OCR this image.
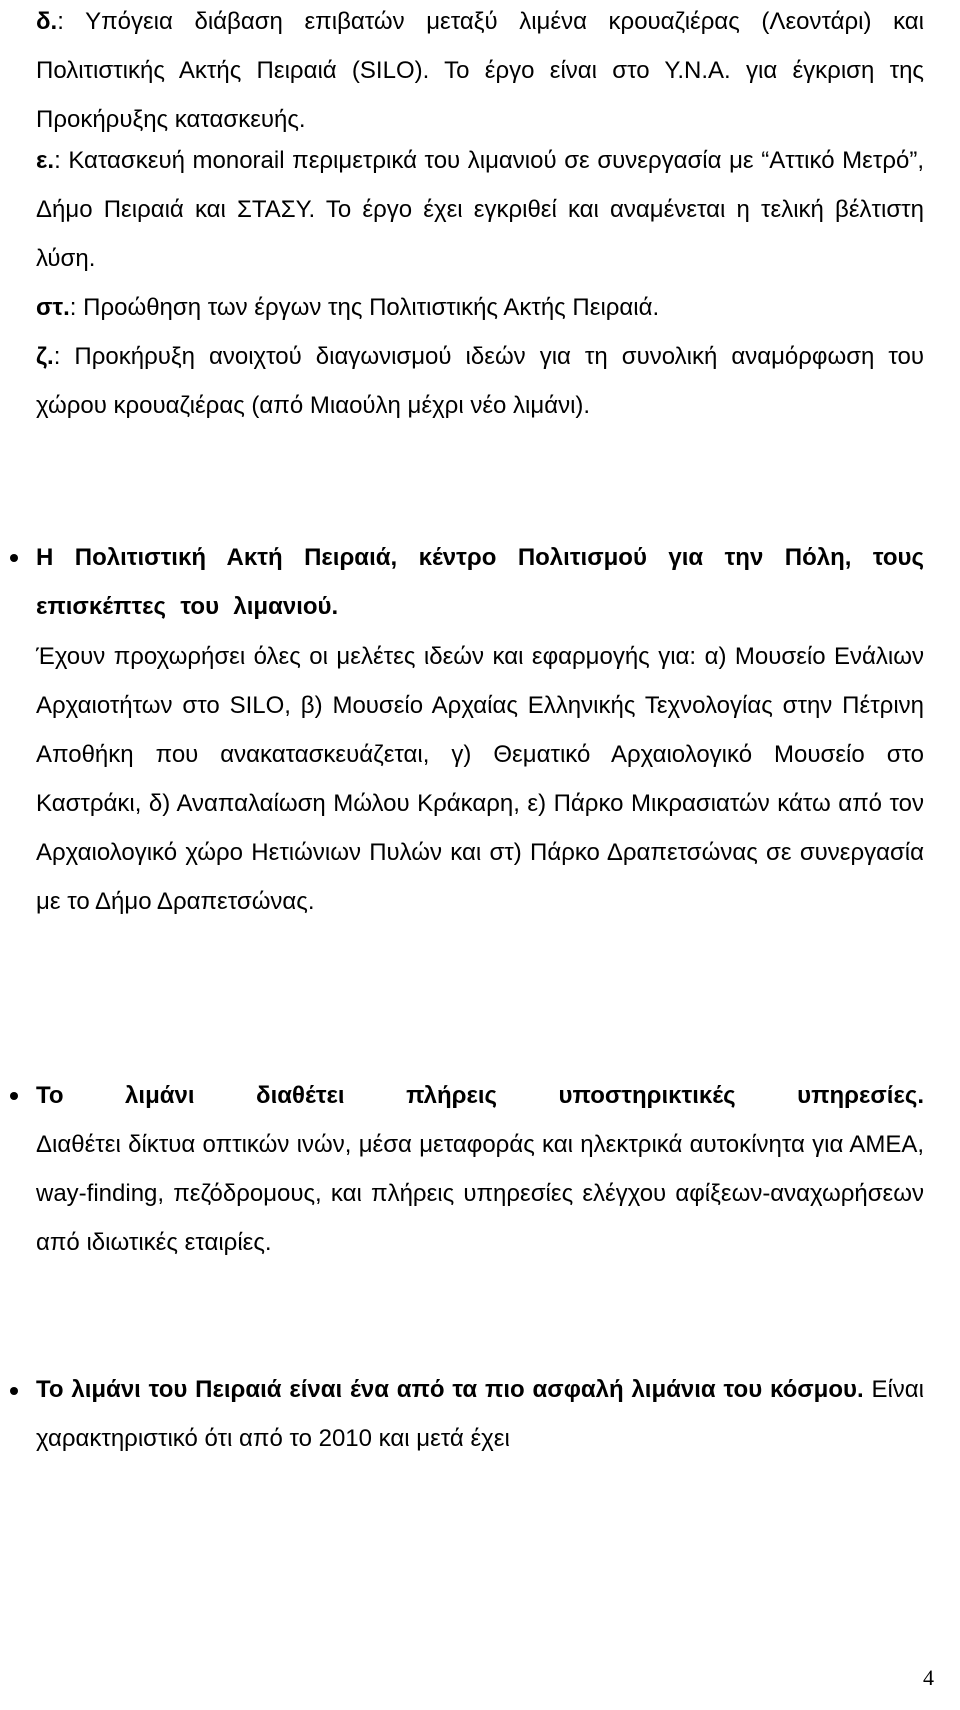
δ.: Υπόγεια διάβαση επιβατών μεταξύ λιμένα κρουαζιέρας (Λεοντάρι) και Πολιτιστικής Ακτής Πειραιά (SILO). Το έργο είναι στο Υ.Ν.Α. για έγκριση της Προκήρυξης κατασκευής.

ε.: Κατασκευή monorail περιμετρικά του λιμανιού σε συνεργασία με “Αττικό Μετρό”, Δήμο Πειραιά και ΣΤΑΣΥ. Το έργο έχει εγκριθεί και αναμένεται η τελική βέλτιστη λύση.

στ.: Προώθηση των έργων της Πολιτιστικής Ακτής Πειραιά.

ζ.: Προκήρυξη ανοιχτού διαγωνισμού ιδεών για τη συνολική αναμόρφωση του χώρου κρουαζιέρας (από Μιαούλη μέχρι νέο λιμάνι).

Η Πολιτιστική Ακτή Πειραιά, κέντρο Πολιτισμού για την Πόλη, τους επισκέπτες του λιμανιού.

Έχουν προχωρήσει όλες οι μελέτες ιδεών και εφαρμογής για: α) Μουσείο Ενάλιων Αρχαιοτήτων στο SILO, β) Μουσείο Αρχαίας Ελληνικής Τεχνολογίας στην Πέτρινη Αποθήκη που ανακατασκευάζεται, γ) Θεματικό Αρχαιολογικό Μουσείο στο Καστράκι, δ) Αναπαλαίωση Μώλου Κράκαρη, ε) Πάρκο Μικρασιατών κάτω από τον Αρχαιολογικό χώρο Ηετιώνιων Πυλών και στ) Πάρκο Δραπετσώνας σε συνεργασία με το Δήμο Δραπετσώνας.

Το λιμάνι διαθέτει πλήρεις υποστηρικτικές υπηρεσίες.

Διαθέτει δίκτυα οπτικών ινών, μέσα μεταφοράς και ηλεκτρικά αυτοκίνητα για ΑΜΕΑ, way-finding, πεζόδρομους, και πλήρεις υπηρεσίες ελέγχου αφίξεων-αναχωρήσεων από ιδιωτικές εταιρίες.

Το λιμάνι του Πειραιά είναι ένα από τα πιο ασφαλή λιμάνια του κόσμου. Είναι χαρακτηριστικό ότι από το 2010 και μετά έχει

4
